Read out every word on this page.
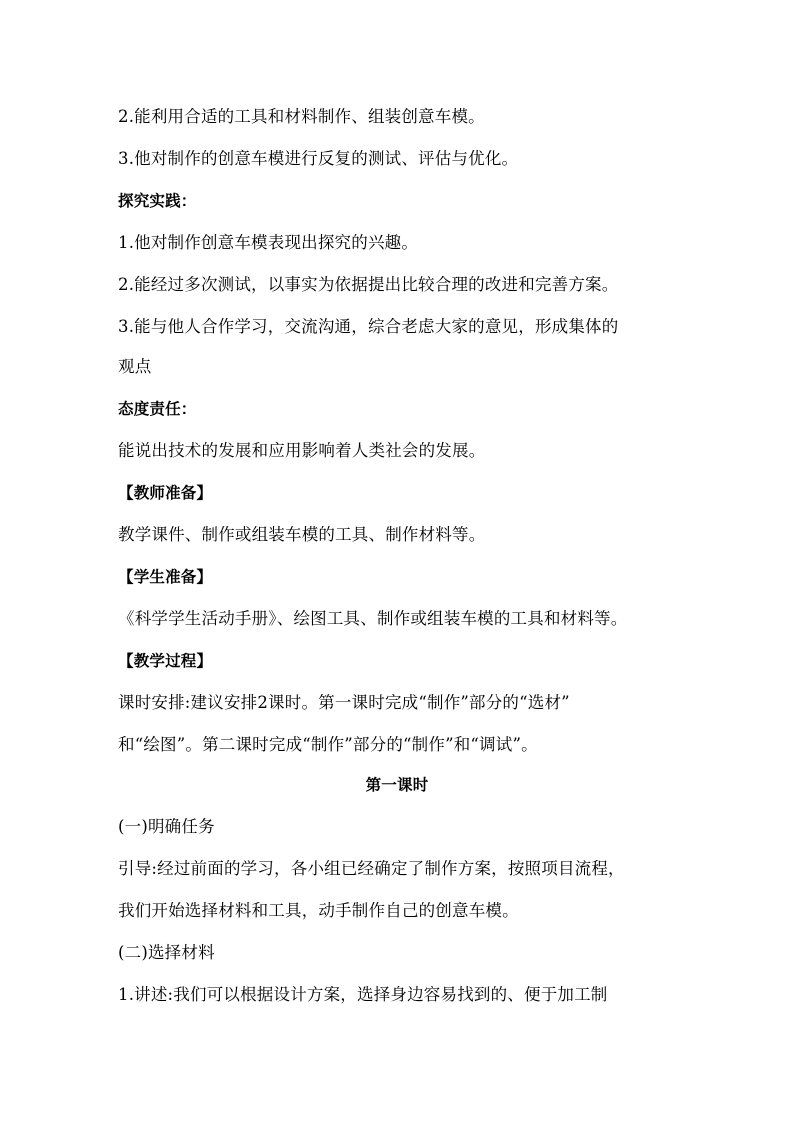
2.能利用合适的工具和材料制作、组装创意车模。
3.他对制作的创意车模进行反复的测试、评估与优化。
探究实践：
1.他对制作创意车模表现出探究的兴趣。
2.能经过多次测试，以事实为依据提出比较合理的改进和完善方案。
3.能与他人合作学习，交流沟通，综合老虑大家的意见，形成集体的
观点
态度责任：
能说出技术的发展和应用影响着人类社会的发展。
【教师准备】
教学课件、制作或组装车模的工具、制作材料等。
【学生准备】
《科学学生活动手册》、绘图工具、制作或组装车模的工具和材料等。
【教学过程】
课时安排:建议安排2课时。第一课时完成“制作”部分的“选材”
和“绘图”。第二课时完成“制作”部分的“制作”和“调试”。
第一课时
(一)明确任务
引导:经过前面的学习，各小组已经确定了制作方案，按照项目流程，
我们开始选择材料和工具，动手制作自己的创意车模。
(二)选择材料
1.讲述:我们可以根据设计方案，选择身边容易找到的、便于加工制
